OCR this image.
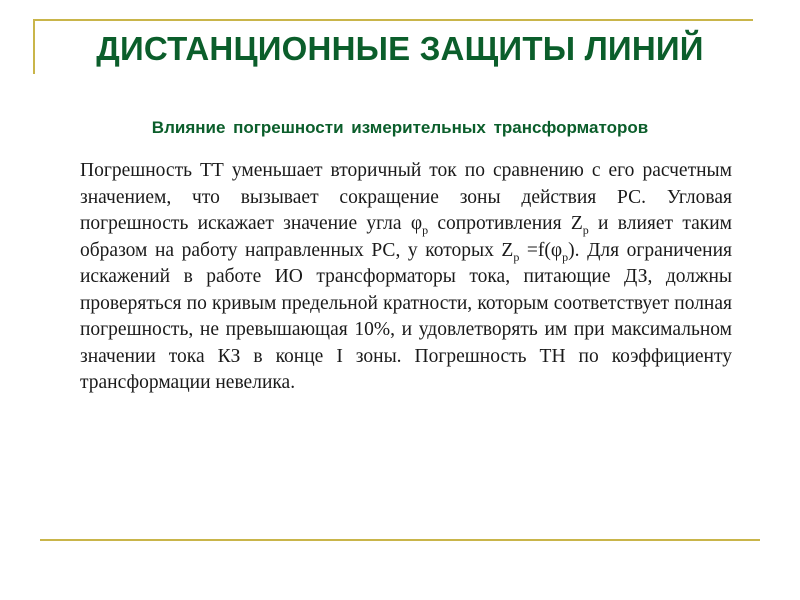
ДИСТАНЦИОННЫЕ ЗАЩИТЫ ЛИНИЙ
Влияние погрешности измерительных трансформаторов

Погрешность ТТ уменьшает вторичный ток по сравнению с его расчетным значением, что вызывает сокращение зоны действия РС. Угловая погрешность искажает значение угла $\varphi_р$ сопротивления $Z_р$ и влияет таким образом на работу направленных РС, у которых $Z_р =f(\varphi_р)$. Для ограничения искажений в работе ИО трансформаторы тока, питающие ДЗ, должны проверяться по кривым предельной кратности, которым соответствует полная погрешность, не превышающая 10%, и удовлетворять им при максимальном значении тока КЗ в конце I зоны. Погрешность ТН по коэффициенту трансформации невелика.
